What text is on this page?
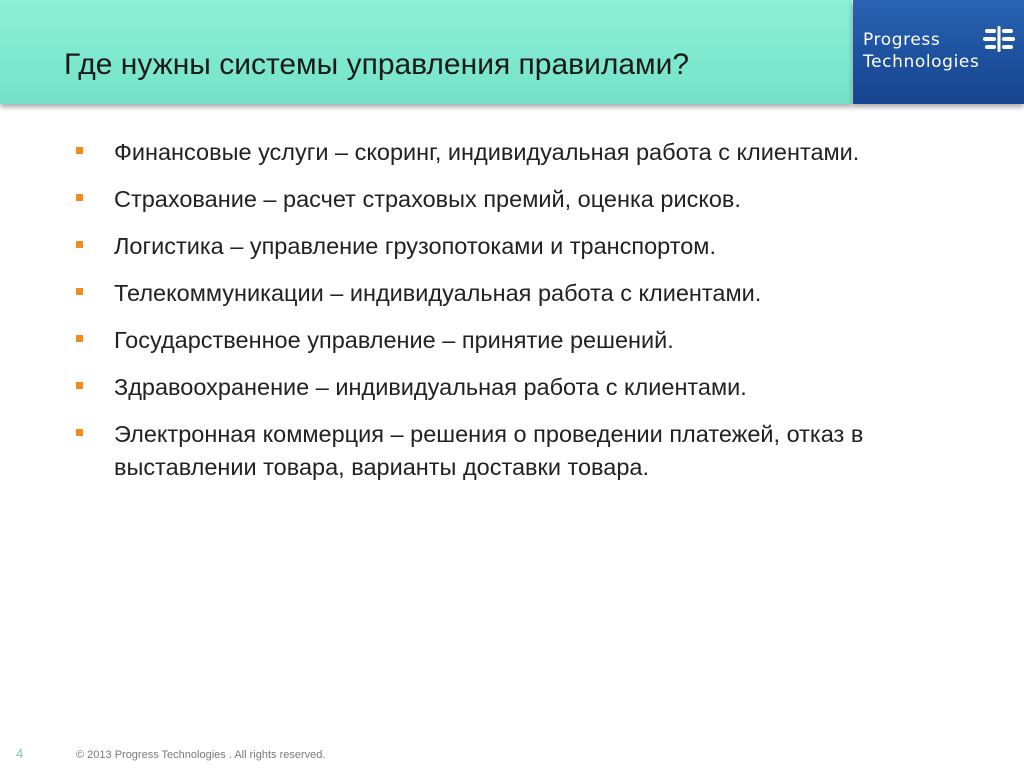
Где нужны системы управления правилами?
Progress
Technologies
Финансовые услуги – скоринг, индивидуальная работа с клиентами.
Страхование – расчет страховых премий, оценка рисков.
Логистика – управление грузопотоками и транспортом.
Телекоммуникации – индивидуальная работа с клиентами.
Государственное управление – принятие решений.
Здравоохранение – индивидуальная работа с клиентами.
Электронная коммерция – решения о проведении платежей, отказ в выставлении товара, варианты доставки товара.
4	© 2013 Progress Technologies . All rights reserved.
